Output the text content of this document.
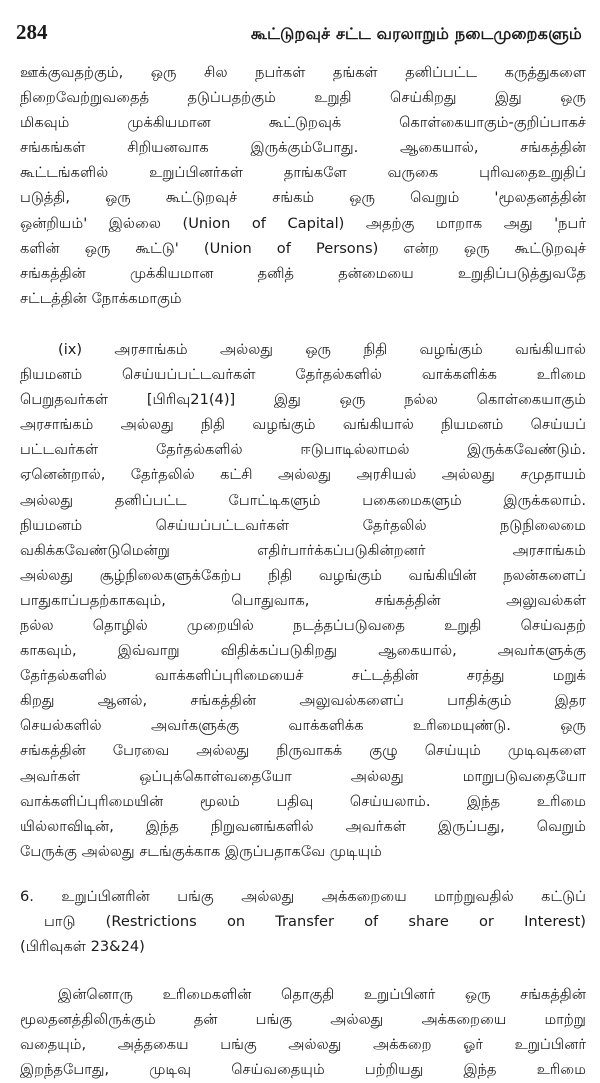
284	கூட்டுறவுச் சட்ட வரலாறும் நடைமுறைகளும்
ஊக்குவதற்கும், ஒரு சில நபர்கள் தங்கள் தனிப்பட்ட கருத்துகளை
நிறைவேற்றுவதைத் தடுப்பதற்கும் உறுதி செய்கிறது இது ஒரு
மிகவும் முக்கியமான கூட்டுறவுக் கொள்கையாகும்-குறிப்பாகச்
சங்கங்கள் சிறியனவாக இருக்கும்போது. ஆகையால், சங்கத்தின்
கூட்டங்களில் உறுப்பினர்கள் தாங்களே வருகை புரிவதைஉறுதிப்
படுத்தி, ஒரு கூட்டுறவுச் சங்கம் ஒரு வெறும் 'மூலதனத்தின்
ஒன்றியம்' இல்லை (Union of Capital) அதற்கு மாறாக அது 'நபர்
களின் ஒரு கூட்டு' (Union of Persons) என்ற ஒரு கூட்டுறவுச்
சங்கத்தின் முக்கியமான தனித் தன்மையை உறுதிப்படுத்துவதே
சட்டத்தின் நோக்கமாகும்
(ix) அரசாங்கம் அல்லது ஒரு நிதி வழங்கும் வங்கியால்
நியமனம் செய்யப்பட்டவர்கள் தேர்தல்களில் வாக்களிக்க உரிமை
பெறுதவர்கள் [பிரிவு21(4)] இது ஒரு நல்ல கொள்கையாகும்
அரசாங்கம் அல்லது நிதி வழங்கும் வங்கியால் நியமனம் செய்யப்
பட்டவர்கள் தேர்தல்களில் ஈடுபாடில்லாமல் இருக்கவேண்டும்.
ஏனென்றால், தேர்தலில் கட்சி அல்லது அரசியல் அல்லது சமுதாயம்
அல்லது தனிப்பட்ட போட்டிகளும் பகைமைகளும் இருக்கலாம்.
நியமனம் செய்யப்பட்டவர்கள் தேர்தலில் நடுநிலைமை
வகிக்கவேண்டுமென்று எதிர்பார்க்கப்படுகின்றனர் அரசாங்கம்
அல்லது சூழ்நிலைகளுக்கேற்ப நிதி வழங்கும் வங்கியின் நலன்களைப்
பாதுகாப்பதற்காகவும், பொதுவாக, சங்கத்தின் அலுவல்கள்
நல்ல தொழில் முறையில் நடத்தப்படுவதை உறுதி செய்வதற்
காகவும், இவ்வாறு விதிக்கப்படுகிறது ஆகையால், அவர்களுக்கு
தேர்தல்களில் வாக்களிப்புரிமையைச் சட்டத்தின் சரத்து மறுக்
கிறது ஆனல், சங்கத்தின் அலுவல்களைப் பாதிக்கும் இதர
செயல்களில் அவர்களுக்கு வாக்களிக்க உரிமையுண்டு. ஒரு
சங்கத்தின் பேரவை அல்லது நிருவாகக் குழு செய்யும் முடிவுகளை
அவர்கள் ஒப்புக்கொள்வதையோ அல்லது மாறுபடுவதையோ
வாக்களிப்புரிமையின் மூலம் பதிவு செய்யலாம். இந்த உரிமை
யில்லாவிடின், இந்த நிறுவனங்களில் அவர்கள் இருப்பது, வெறும்
பேருக்கு அல்லது சடங்குக்காக இருப்பதாகவே முடியும்
6. உறுப்பினரின் பங்கு அல்லது அக்கறையை மாற்றுவதில் கட்டுப்
பாடு (Restrictions on Transfer of share or Interest)
(பிரிவுகள் 23&24)
இன்னொரு உரிமைகளின் தொகுதி உறுப்பினர் ஒரு சங்கத்தின்
மூலதனத்திலிருக்கும் தன் பங்கு அல்லது அக்கறையை மாற்று
வதையும், அத்தகைய பங்கு அல்லது அக்கறை ஓர் உறுப்பினர்
இறந்தபோது, முடிவு செய்வதையும் பற்றியது இந்த உரிமை
